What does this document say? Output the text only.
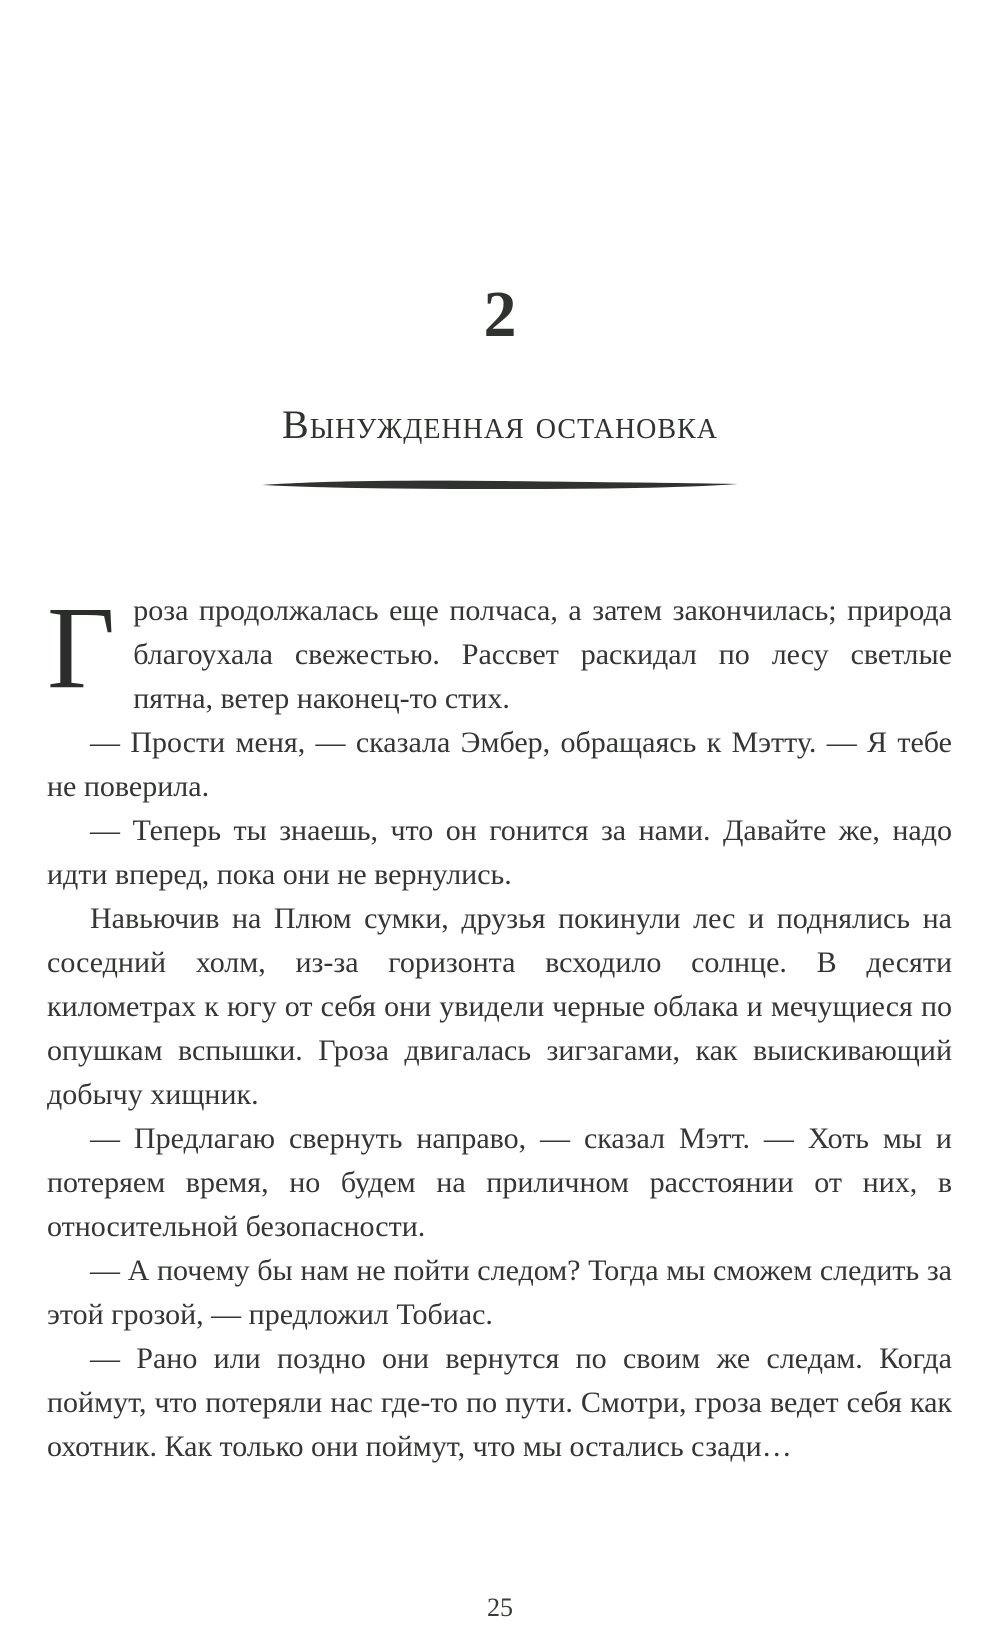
2
Вынужденная остановка

Гроза продолжалась еще полчаса, а затем закончилась; природа благоухала свежестью. Рассвет раскидал по лесу светлые пятна, ветер наконец-то стих.

— Прости меня, — сказала Эмбер, обращаясь к Мэтту. — Я тебе не поверила.

— Теперь ты знаешь, что он гонится за нами. Давайте же, надо идти вперед, пока они не вернулись.

Навьючив на Плюм сумки, друзья покинули лес и поднялись на соседний холм, из-за горизонта всходило солнце. В десяти километрах к югу от себя они увидели черные облака и мечущиеся по опушкам вспышки. Гроза двигалась зигзагами, как выискивающий добычу хищник.

— Предлагаю свернуть направо, — сказал Мэтт. — Хоть мы и потеряем время, но будем на приличном расстоянии от них, в относительной безопасности.

— А почему бы нам не пойти следом? Тогда мы сможем следить за этой грозой, — предложил Тобиас.

— Рано или поздно они вернутся по своим же следам. Когда поймут, что потеряли нас где-то по пути. Смотри, гроза ведет себя как охотник. Как только они поймут, что мы остались сзади…

25
